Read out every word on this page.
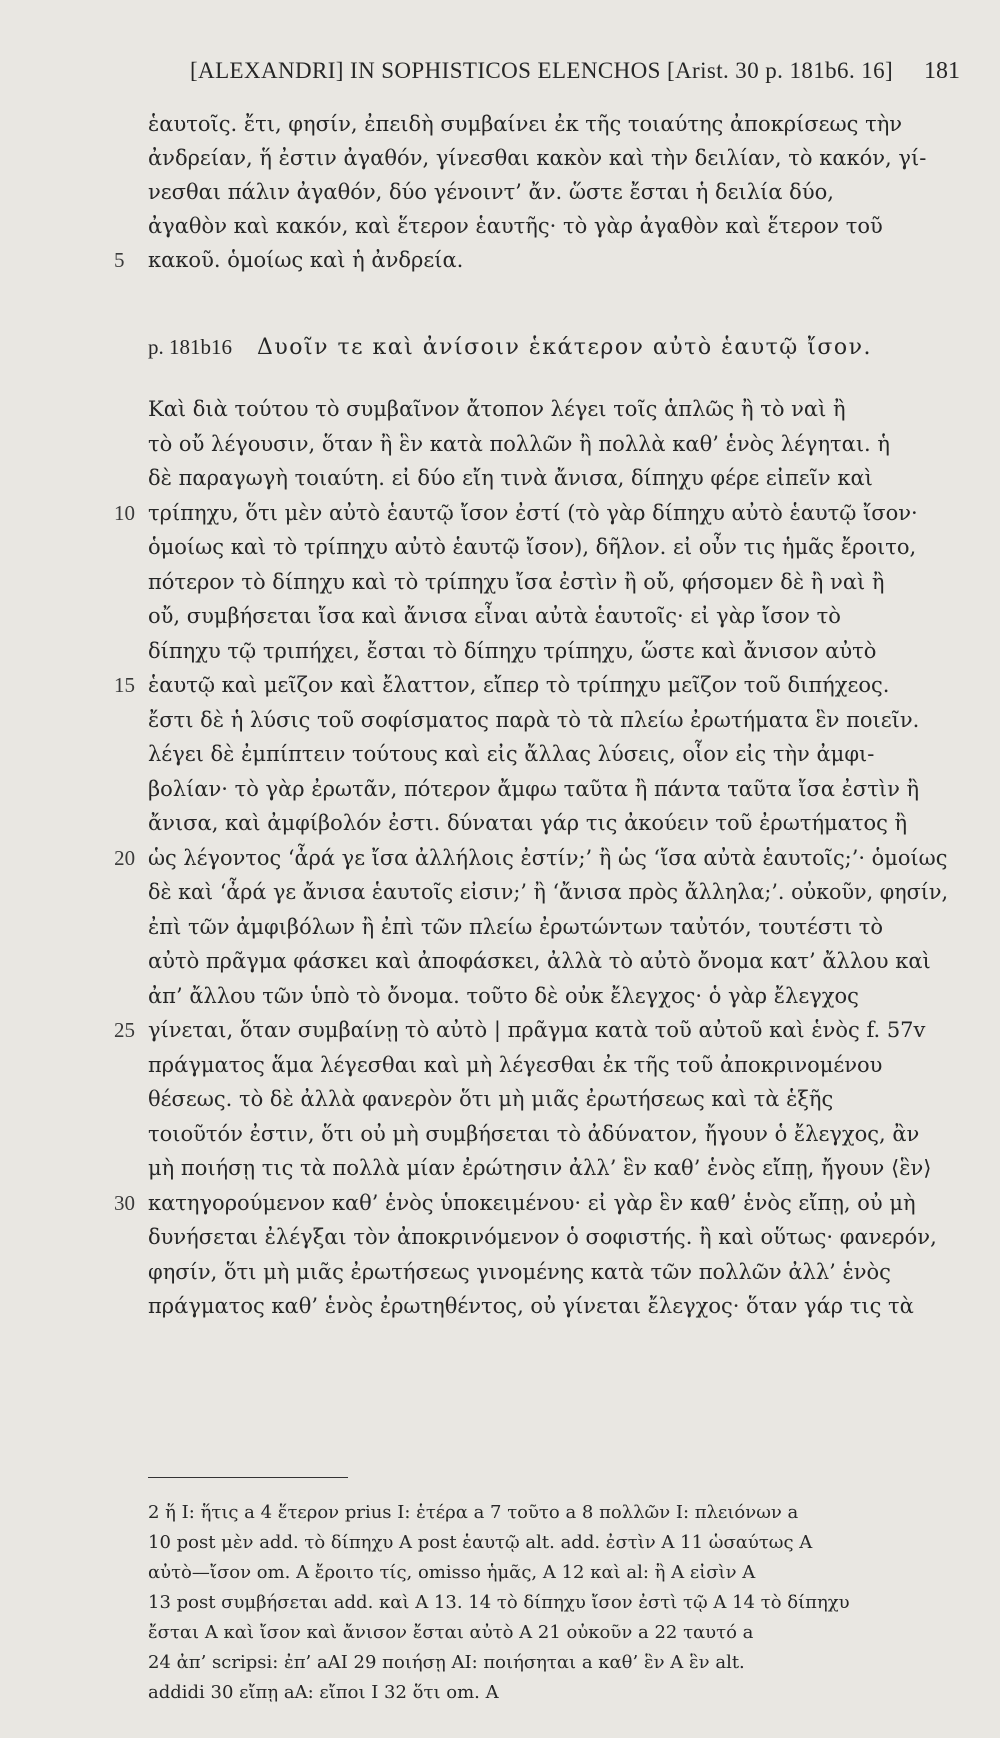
[ALEXANDRI] IN SOPHISTICOS ELENCHOS [Arist. 30 p. 181b6. 16] 181
ἑαυτοῖς. ἔτι, φησίν, ἐπειδὴ συμβαίνει ἐκ τῆς τοιαύτης ἀποκρίσεως τὴν
ἀνδρείαν, ἥ ἐστιν ἀγαθόν, γίνεσθαι κακὸν καὶ τὴν δειλίαν, τὸ κακόν, γί-
νεσθαι πάλιν ἀγαθόν, δύο γένοιντ’ ἄν. ὥστε ἔσται ἡ δειλία δύο,
ἀγαθὸν καὶ κακόν, καὶ ἕτερον ἑαυτῆς· τὸ γὰρ ἀγαθὸν καὶ ἕτερον τοῦ
5 κακοῦ. ὁμοίως καὶ ἡ ἀνδρεία.
p. 181b16 Δυοῖν τε καὶ ἀνίσοιν ἑκάτερον αὐτὸ ἑαυτῷ ἴσον.
Καὶ διὰ τούτου τὸ συμβαῖνον ἄτοπον λέγει τοῖς ἁπλῶς ἢ τὸ ναὶ ἢ
τὸ οὔ λέγουσιν, ὅταν ἢ ἓν κατὰ πολλῶν ἢ πολλὰ καθ’ ἑνὸς λέγηται. ἡ
δὲ παραγωγὴ τοιαύτη. εἰ δύο εἴη τινὰ ἄνισα, δίπηχυ φέρε εἰπεῖν καὶ
10 τρίπηχυ, ὅτι μὲν αὐτὸ ἑαυτῷ ἴσον ἐστί (τὸ γὰρ δίπηχυ αὐτὸ ἑαυτῷ ἴσον·
ὁμοίως καὶ τὸ τρίπηχυ αὐτὸ ἑαυτῷ ἴσον), δῆλον. εἰ οὖν τις ἡμᾶς ἔροιτο,
πότερον τὸ δίπηχυ καὶ τὸ τρίπηχυ ἴσα ἐστὶν ἢ οὔ, φήσομεν δὲ ἢ ναὶ ἢ
οὔ, συμβήσεται ἴσα καὶ ἄνισα εἶναι αὐτὰ ἑαυτοῖς· εἰ γὰρ ἴσον τὸ
δίπηχυ τῷ τριπήχει, ἔσται τὸ δίπηχυ τρίπηχυ, ὥστε καὶ ἄνισον αὐτὸ
15 ἑαυτῷ καὶ μεῖζον καὶ ἔλαττον, εἴπερ τὸ τρίπηχυ μεῖζον τοῦ διπήχεος.
ἔστι δὲ ἡ λύσις τοῦ σοφίσματος παρὰ τὸ τὰ πλείω ἐρωτήματα ἓν ποιεῖν.
λέγει δὲ ἐμπίπτειν τούτους καὶ εἰς ἄλλας λύσεις, οἷον εἰς τὴν ἀμφι-
βολίαν· τὸ γὰρ ἐρωτᾶν, πότερον ἄμφω ταῦτα ἢ πάντα ταῦτα ἴσα ἐστὶν ἢ
ἄνισα, καὶ ἀμφίβολόν ἐστι. δύναται γάρ τις ἀκούειν τοῦ ἐρωτήματος ἢ
20 ὡς λέγοντος ‘ἆρά γε ἴσα ἀλλήλοις ἐστίν;’ ἢ ὡς ‘ἴσα αὐτὰ ἑαυτοῖς;’· ὁμοίως
δὲ καὶ ‘ἆρά γε ἄνισα ἑαυτοῖς εἰσιν;’ ἢ ‘ἄνισα πρὸς ἄλληλα;’. οὐκοῦν, φησίν,
ἐπὶ τῶν ἀμφιβόλων ἢ ἐπὶ τῶν πλείω ἐρωτώντων ταὐτόν, τουτέστι τὸ
αὐτὸ πρᾶγμα φάσκει καὶ ἀποφάσκει, ἀλλὰ τὸ αὐτὸ ὄνομα κατ’ ἄλλου καὶ
ἀπ’ ἄλλου τῶν ὑπὸ τὸ ὄνομα. τοῦτο δὲ οὐκ ἔλεγχος· ὁ γὰρ ἔλεγχος
25 γίνεται, ὅταν συμβαίνῃ τὸ αὐτὸ | πρᾶγμα κατὰ τοῦ αὐτοῦ καὶ ἑνὸς f. 57v
πράγματος ἅμα λέγεσθαι καὶ μὴ λέγεσθαι ἐκ τῆς τοῦ ἀποκρινομένου
θέσεως. τὸ δὲ ἀλλὰ φανερὸν ὅτι μὴ μιᾶς ἐρωτήσεως καὶ τὰ ἑξῆς
τοιοῦτόν ἐστιν, ὅτι οὐ μὴ συμβήσεται τὸ ἀδύνατον, ἤγουν ὁ ἔλεγχος, ἂν
μὴ ποιήσῃ τις τὰ πολλὰ μίαν ἐρώτησιν ἀλλ’ ἓν καθ’ ἑνὸς εἴπῃ, ἤγουν ⟨ἓν⟩
30 κατηγορούμενον καθ’ ἑνὸς ὑποκειμένου· εἰ γὰρ ἓν καθ’ ἑνὸς εἴπῃ, οὐ μὴ
δυνήσεται ἐλέγξαι τὸν ἀποκρινόμενον ὁ σοφιστής. ἢ καὶ οὕτως· φανερόν,
φησίν, ὅτι μὴ μιᾶς ἐρωτήσεως γινομένης κατὰ τῶν πολλῶν ἀλλ’ ἑνὸς
πράγματος καθ’ ἑνὸς ἐρωτηθέντος, οὐ γίνεται ἔλεγχος· ὅταν γάρ τις τὰ
2 ἥ I: ἥτις a 4 ἕτερον prius I: ἑτέρα a 7 τοῦτο a 8 πολλῶν I: πλειόνων a
10 post μὲν add. τὸ δίπηχυ A post ἑαυτῷ alt. add. ἐστὶν A 11 ὡσαύτως A
αὐτὸ—ἴσον om. A ἔροιτο τίς, omisso ἡμᾶς, A 12 καὶ al: ἢ A εἰσὶν A
13 post συμβήσεται add. καὶ A 13. 14 τὸ δίπηχυ ἴσον ἐστὶ τῷ A 14 τὸ δίπηχυ
ἔσται A καὶ ἴσον καὶ ἄνισον ἔσται αὐτὸ A 21 οὐκοῦν a 22 ταυτό a
24 ἀπ’ scripsi: ἐπ’ aAI 29 ποιήσῃ AI: ποιήσηται a καθ’ ἓν A ἓν alt.
addidi 30 εἴπῃ aA: εἴποι I 32 ὅτι om. A
